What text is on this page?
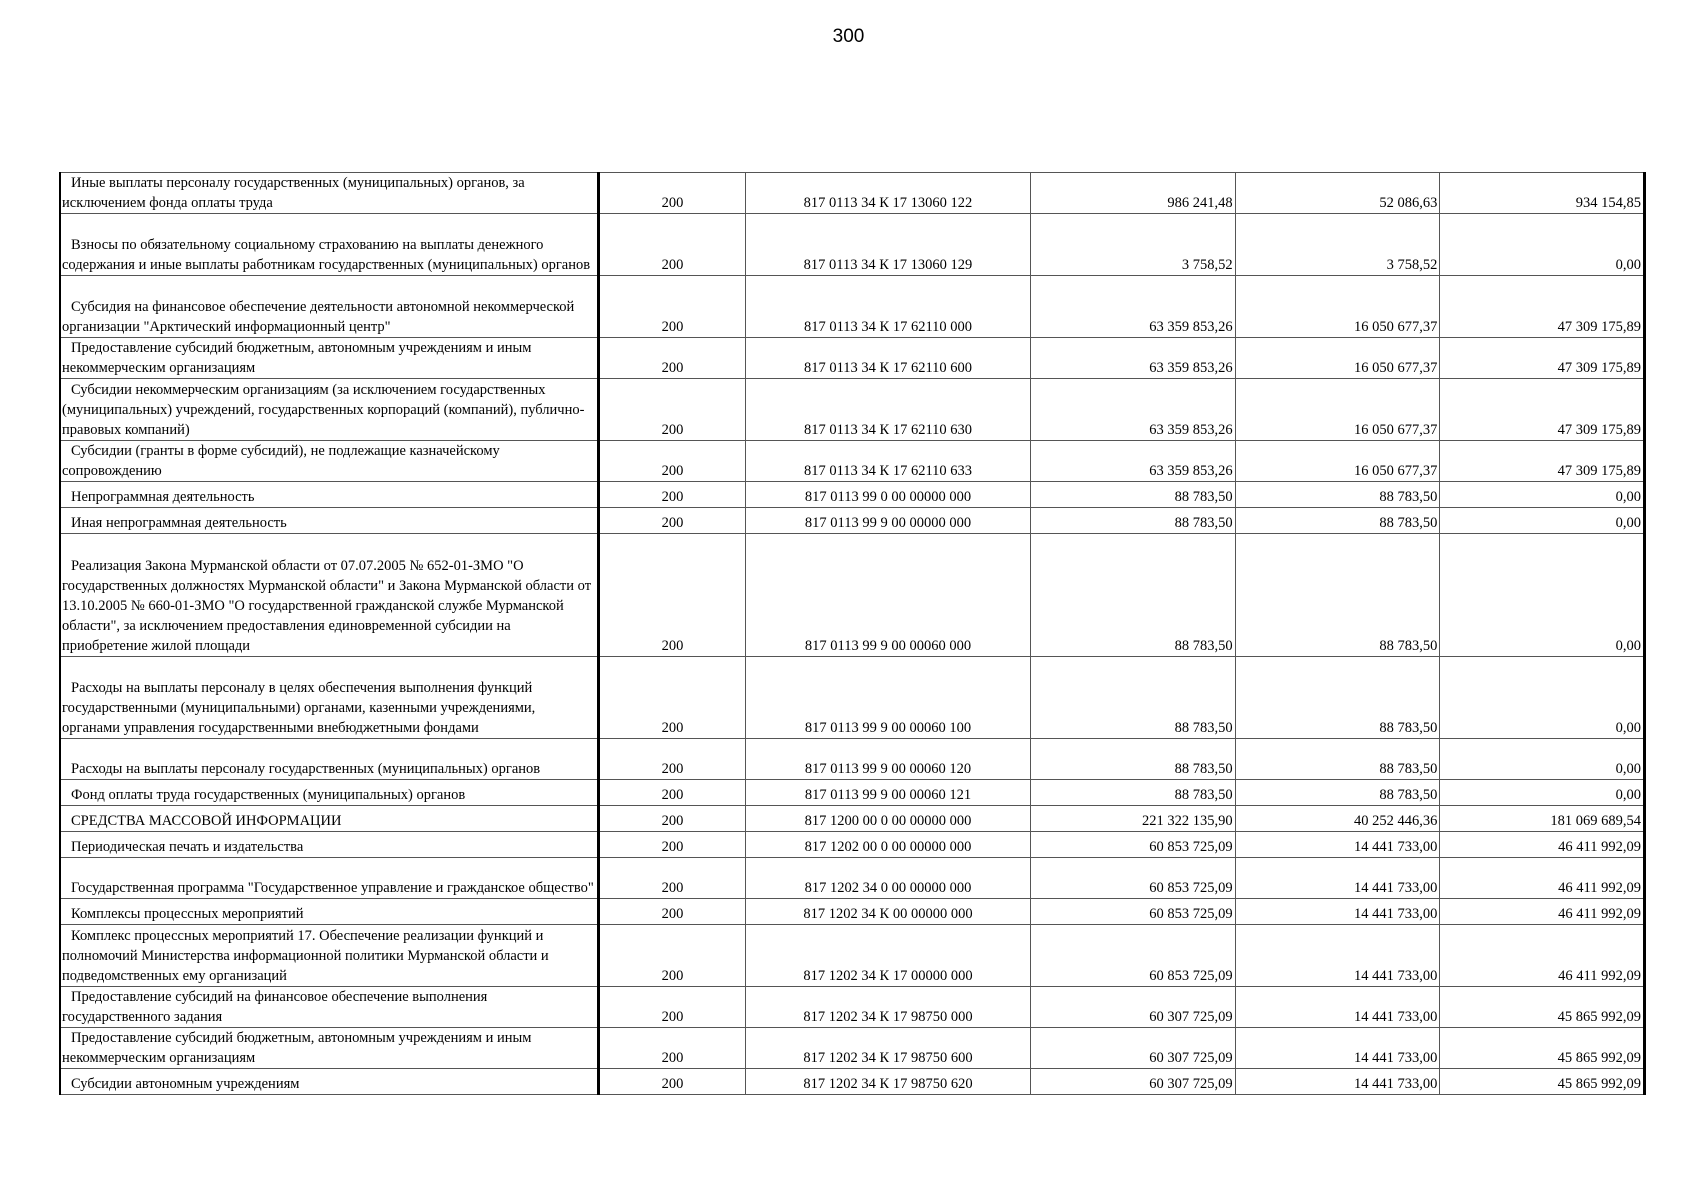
300
Иные выплаты персоналу государственных (муниципальных) органов, за исключением фонда оплаты труда	200	817 0113 34 К 17 13060 122	986 241,48	52 086,63	934 154,85

Взносы по обязательному социальному страхованию на выплаты денежного содержания и иные выплаты работникам государственных (муниципальных) органов	200	817 0113 34 К 17 13060 129	3 758,52	3 758,52	0,00

Субсидия на финансовое обеспечение деятельности автономной некоммерческой организации "Арктический информационный центр"	200	817 0113 34 К 17 62110 000	63 359 853,26	16 050 677,37	47 309 175,89

Предоставление субсидий бюджетным, автономным учреждениям и иным некоммерческим организациям	200	817 0113 34 К 17 62110 600	63 359 853,26	16 050 677,37	47 309 175,89

Субсидии некоммерческим организациям (за исключением государственных (муниципальных) учреждений, государственных корпораций (компаний), публично-правовых компаний)	200	817 0113 34 К 17 62110 630	63 359 853,26	16 050 677,37	47 309 175,89

Субсидии (гранты в форме субсидий), не подлежащие казначейскому сопровождению	200	817 0113 34 К 17 62110 633	63 359 853,26	16 050 677,37	47 309 175,89

Непрограммная деятельность	200	817 0113 99 0 00 00000 000	88 783,50	88 783,50	0,00

Иная непрограммная деятельность	200	817 0113 99 9 00 00000 000	88 783,50	88 783,50	0,00

Реализация Закона Мурманской области от 07.07.2005 № 652-01-ЗМО "О государственных должностях Мурманской области" и Закона Мурманской области от 13.10.2005 № 660-01-ЗМО "О государственной гражданской службе Мурманской области", за исключением предоставления единовременной субсидии на приобретение жилой площади	200	817 0113 99 9 00 00060 000	88 783,50	88 783,50	0,00

Расходы на выплаты персоналу в целях обеспечения выполнения функций государственными (муниципальными) органами, казенными учреждениями, органами управления государственными внебюджетными фондами	200	817 0113 99 9 00 00060 100	88 783,50	88 783,50	0,00

Расходы на выплаты персоналу государственных (муниципальных) органов	200	817 0113 99 9 00 00060 120	88 783,50	88 783,50	0,00

Фонд оплаты труда государственных (муниципальных) органов	200	817 0113 99 9 00 00060 121	88 783,50	88 783,50	0,00

СРЕДСТВА МАССОВОЙ ИНФОРМАЦИИ	200	817 1200 00 0 00 00000 000	221 322 135,90	40 252 446,36	181 069 689,54

Периодическая печать и издательства	200	817 1202 00 0 00 00000 000	60 853 725,09	14 441 733,00	46 411 992,09

Государственная программа "Государственное управление и гражданское общество"	200	817 1202 34 0 00 00000 000	60 853 725,09	14 441 733,00	46 411 992,09

Комплексы процессных мероприятий	200	817 1202 34 К 00 00000 000	60 853 725,09	14 441 733,00	46 411 992,09

Комплекс процессных мероприятий 17. Обеспечение реализации функций и полномочий Министерства информационной политики Мурманской области и подведомственных ему организаций	200	817 1202 34 К 17 00000 000	60 853 725,09	14 441 733,00	46 411 992,09

Предоставление субсидий на финансовое обеспечение выполнения государственного задания	200	817 1202 34 К 17 98750 000	60 307 725,09	14 441 733,00	45 865 992,09

Предоставление субсидий бюджетным, автономным учреждениям и иным некоммерческим организациям	200	817 1202 34 К 17 98750 600	60 307 725,09	14 441 733,00	45 865 992,09

Субсидии автономным учреждениям	200	817 1202 34 К 17 98750 620	60 307 725,09	14 441 733,00	45 865 992,09
